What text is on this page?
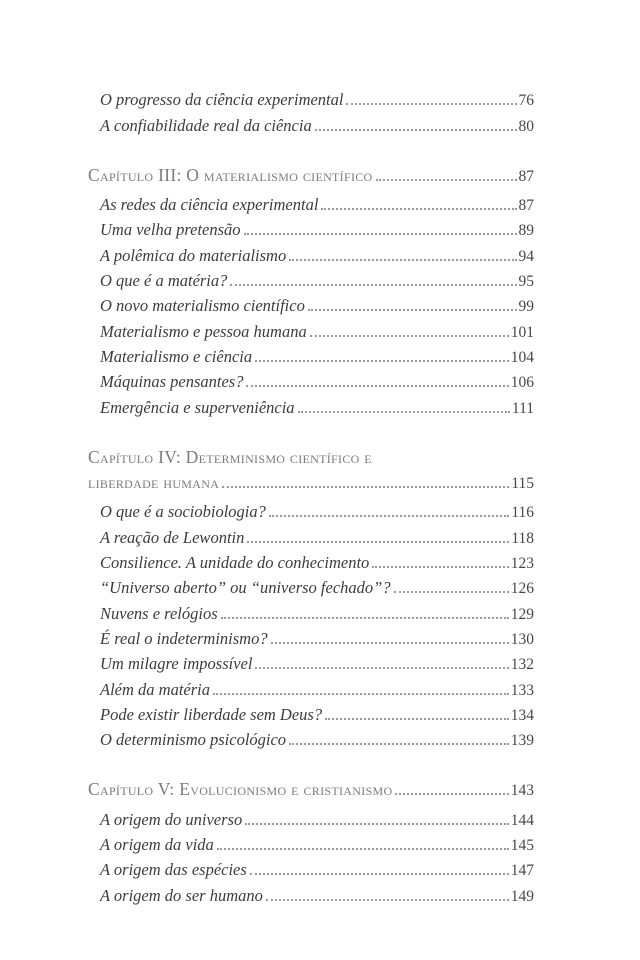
O progresso da ciência experimental	76
A confiabilidade real da ciência	80
Capítulo III: O materialismo científico	87
As redes da ciência experimental	87
Uma velha pretensão	89
A polêmica do materialismo	94
O que é a matéria?	95
O novo materialismo científico	99
Materialismo e pessoa humana	101
Materialismo e ciência	104
Máquinas pensantes?	106
Emergência e superveniência	111
Capítulo IV: Determinismo científico e
liberdade humana	115
O que é a sociobiologia?	116
A reação de Lewontin	118
Consilience. A unidade do conhecimento	123
“Universo aberto” ou “universo fechado”?	126
Nuvens e relógios	129
É real o indeterminismo?	130
Um milagre impossível	132
Além da matéria	133
Pode existir liberdade sem Deus?	134
O determinismo psicológico	139
Capítulo V: Evolucionismo e cristianismo	143
A origem do universo	144
A origem da vida	145
A origem das espécies	147
A origem do ser humano	149
